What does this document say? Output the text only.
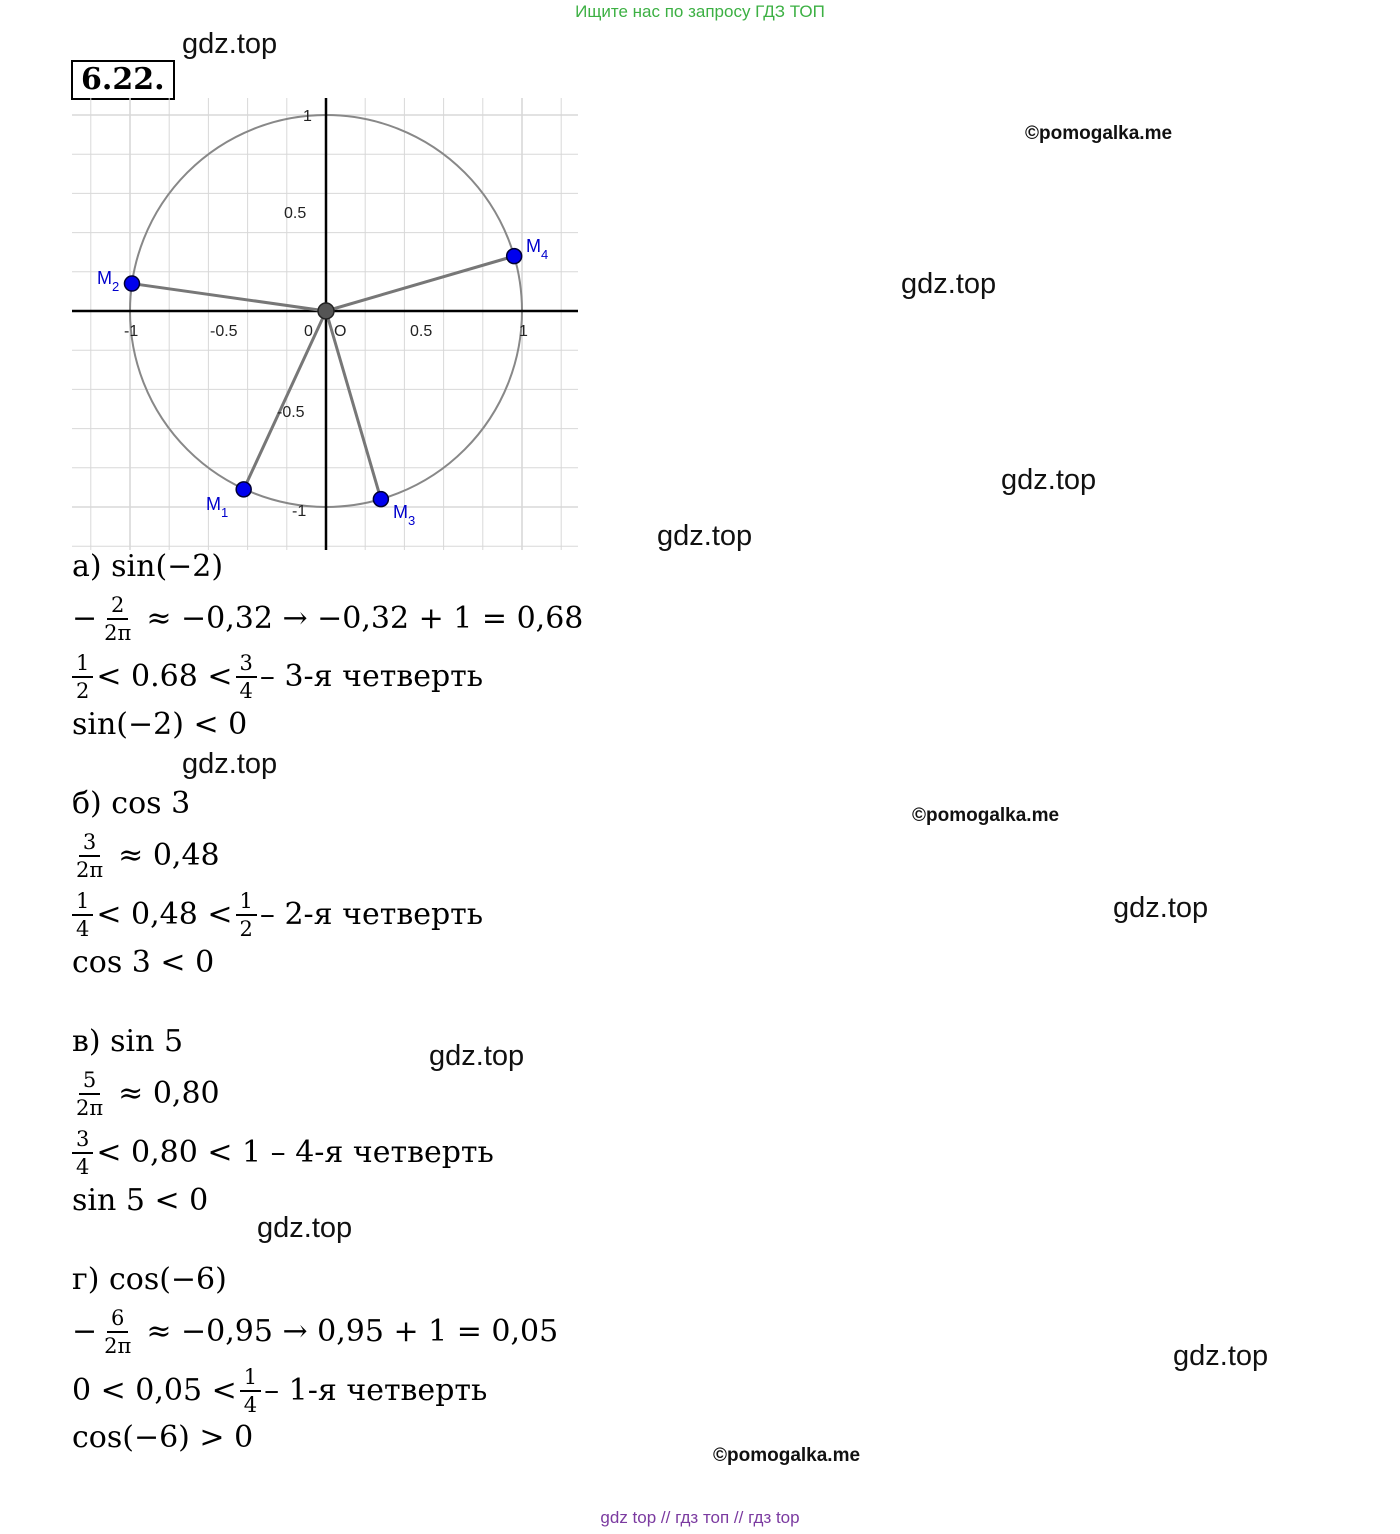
Ищите нас по запросу ГДЗ ТОП
6.22.
0
-1	-0.5	0.5	1
1
0.5
-0.5
-1
O
$M_1$
$M_2$
$M_3$
$M_4$
а) sin(−2)
− $\frac{2}{2\pi} \approx -0,32 \to -0,32 + 1 = 0,68$
$\frac{1}{2} < 0.68 < \frac{3}{4} - 3-я$ четверть
sin(−2) < 0
б) cos 3
$\frac{3}{2\pi} \approx 0,48$
$\frac{1}{4} < 0,48 < \frac{1}{2} - 2-я$ четверть
cos 3 < 0
в) sin 5
$\frac{5}{2\pi} \approx 0,80$
$\frac{3}{4} < 0,80 < 1 - 4-я$ четверть
sin 5 < 0
г) cos(−6)
− $\frac{6}{2\pi} \approx -0,95 \to 0,95 + 1 = 0,05$
$0 < 0,05 < \frac{1}{4} - 1-я$ четверть
cos(−6) > 0
gdz.top
gdz.top
gdz.top
gdz.top
gdz.top
gdz.top
gdz.top
gdz.top
gdz.top
©pomogalka.me
©pomogalka.me
©pomogalka.me
gdz top // гдз топ // гдз top
